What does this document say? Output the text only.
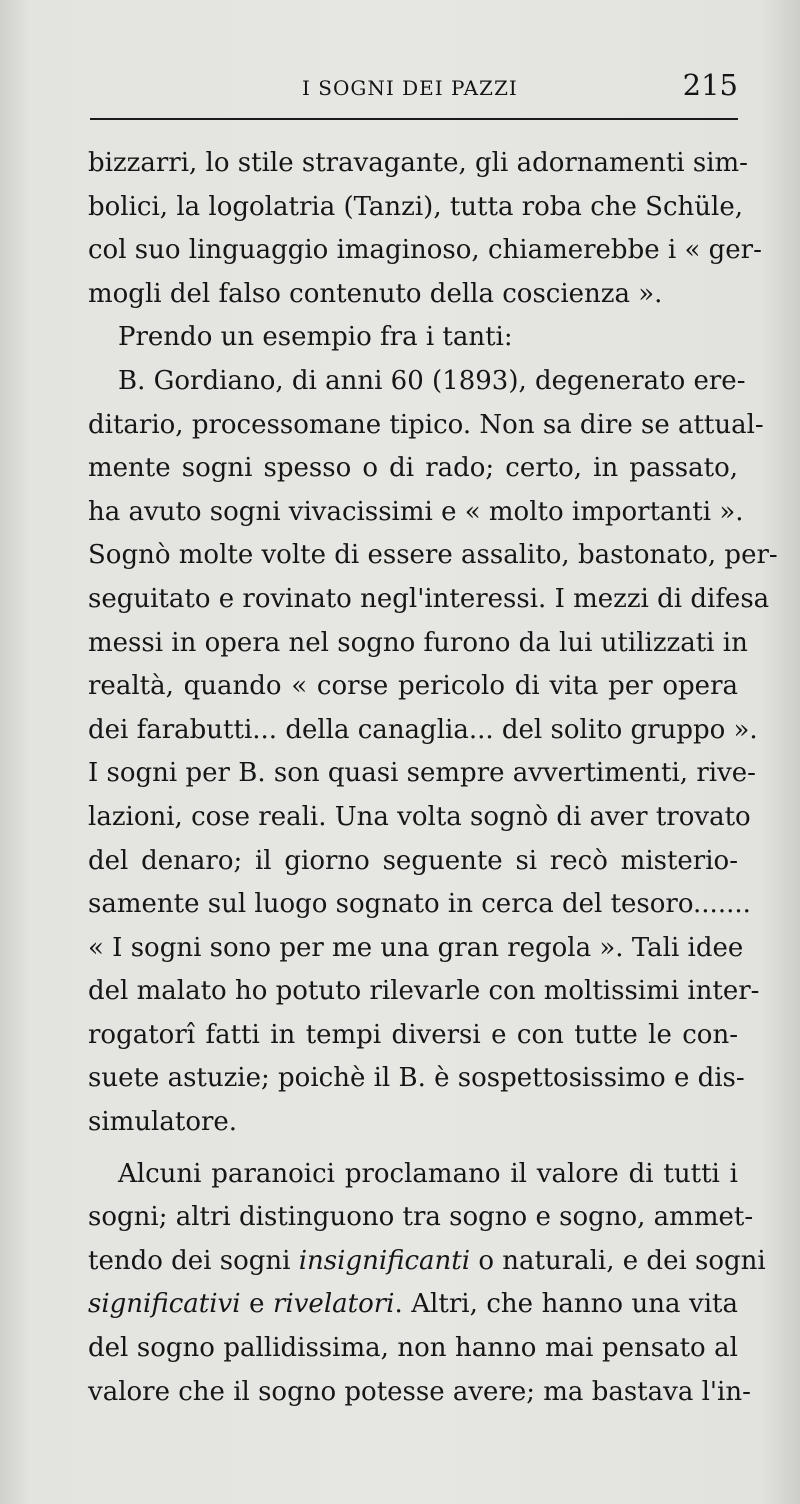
I SOGNI DEI PAZZI	215
bizzarri, lo stile stravagante, gli adornamenti sim-
bolici, la logolatria (Tanzi), tutta roba che Schüle,
col suo linguaggio imaginoso, chiamerebbe i « ger-
mogli del falso contenuto della coscienza ».
Prendo un esempio fra i tanti:
B. Gordiano, di anni 60 (1893), degenerato ere-
ditario, processomane tipico. Non sa dire se attual-
mente sogni spesso o di rado; certo, in passato,
ha avuto sogni vivacissimi e « molto importanti ».
Sognò molte volte di essere assalito, bastonato, per-
seguitato e rovinato negl'interessi. I mezzi di difesa
messi in opera nel sogno furono da lui utilizzati in
realtà, quando « corse pericolo di vita per opera
dei farabutti... della canaglia... del solito gruppo ».
I sogni per B. son quasi sempre avvertimenti, rive-
lazioni, cose reali. Una volta sognò di aver trovato
del denaro; il giorno seguente si recò misterio-
samente sul luogo sognato in cerca del tesoro.......
« I sogni sono per me una gran regola ». Tali idee
del malato ho potuto rilevarle con moltissimi inter-
rogatorî fatti in tempi diversi e con tutte le con-
suete astuzie; poichè il B. è sospettosissimo e dis-
simulatore.
Alcuni paranoici proclamano il valore di tutti i
sogni; altri distinguono tra sogno e sogno, ammet-
tendo dei sogni insignificanti o naturali, e dei sogni
significativi e rivelatori. Altri, che hanno una vita
del sogno pallidissima, non hanno mai pensato al
valore che il sogno potesse avere; ma bastava l'in-
